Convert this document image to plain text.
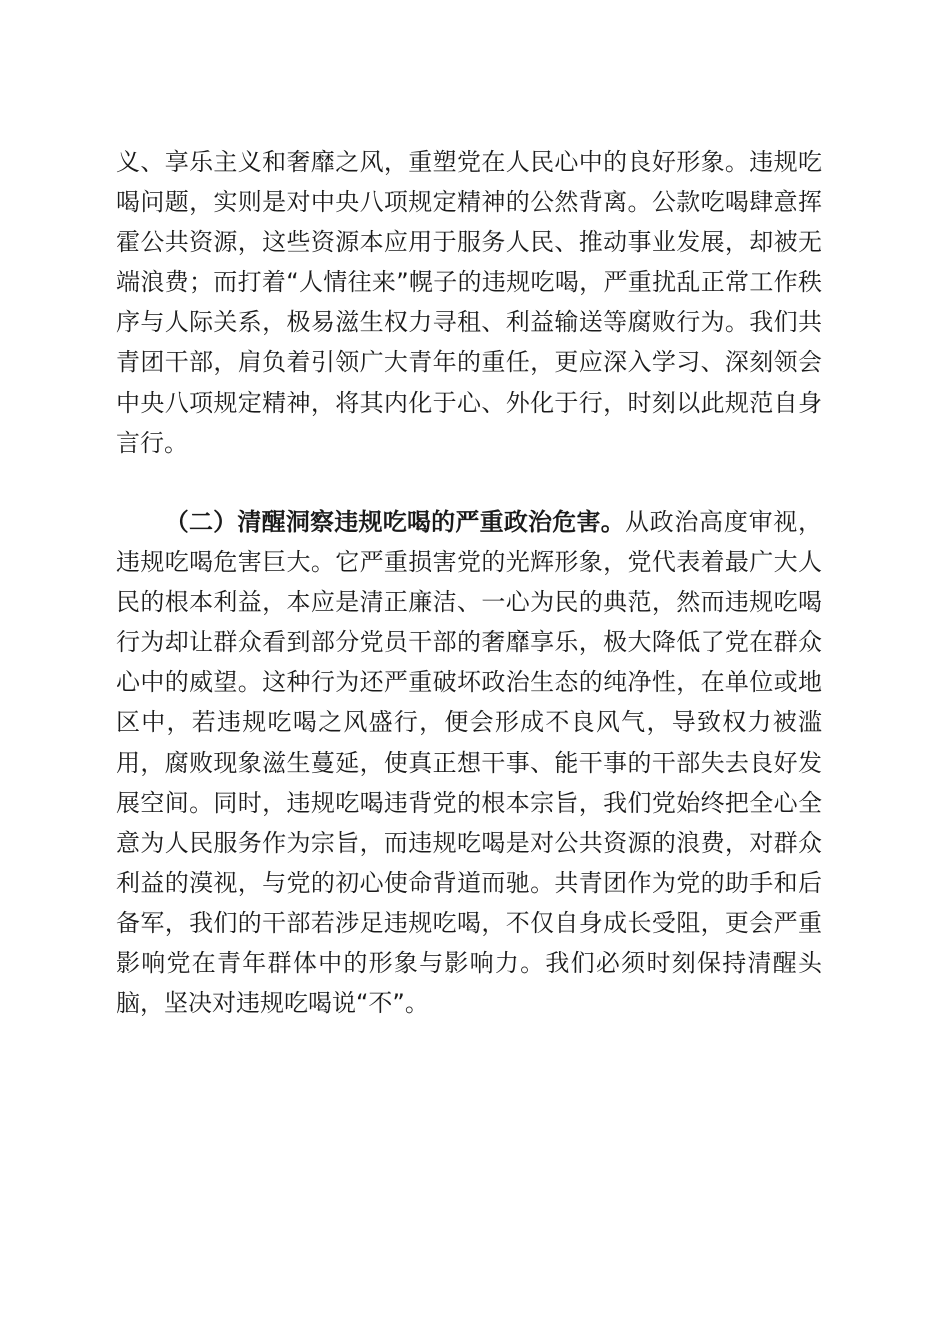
义、享乐主义和奢靡之风，重塑党在人民心中的良好形象。违规吃喝问题，实则是对中央八项规定精神的公然背离。公款吃喝肆意挥霍公共资源，这些资源本应用于服务人民、推动事业发展，却被无端浪费；而打着“人情往来”幌子的违规吃喝，严重扰乱正常工作秩序与人际关系，极易滋生权力寻租、利益输送等腐败行为。我们共青团干部，肩负着引领广大青年的重任，更应深入学习、深刻领会中央八项规定精神，将其内化于心、外化于行，时刻以此规范自身言行。

（二）清醒洞察违规吃喝的严重政治危害。从政治高度审视，违规吃喝危害巨大。它严重损害党的光辉形象，党代表着最广大人民的根本利益，本应是清正廉洁、一心为民的典范，然而违规吃喝行为却让群众看到部分党员干部的奢靡享乐，极大降低了党在群众心中的威望。这种行为还严重破坏政治生态的纯净性，在单位或地区中，若违规吃喝之风盛行，便会形成不良风气，导致权力被滥用，腐败现象滋生蔓延，使真正想干事、能干事的干部失去良好发展空间。同时，违规吃喝违背党的根本宗旨，我们党始终把全心全意为人民服务作为宗旨，而违规吃喝是对公共资源的浪费，对群众利益的漠视，与党的初心使命背道而驰。共青团作为党的助手和后备军，我们的干部若涉足违规吃喝，不仅自身成长受阻，更会严重影响党在青年群体中的形象与影响力。我们必须时刻保持清醒头脑，坚决对违规吃喝说“不”。
